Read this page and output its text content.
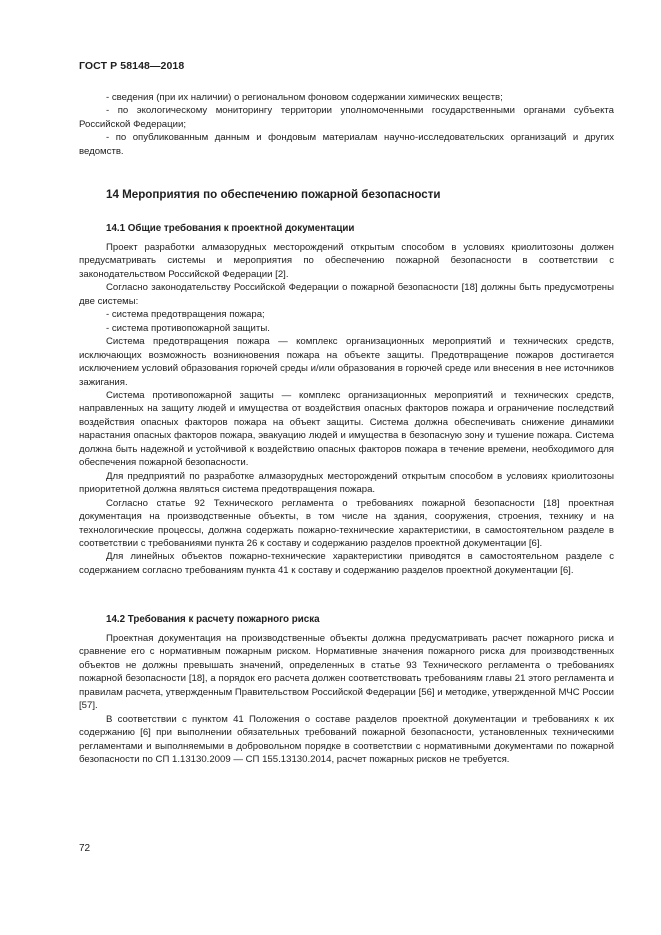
ГОСТ Р 58148—2018

- сведения (при их наличии) о региональном фоновом содержании химических веществ;

- по экологическому мониторингу территории уполномоченными государственными органами субъекта Российской Федерации;

- по опубликованным данным и фондовым материалам научно-исследовательских организаций и других ведомств.

14 Мероприятия по обеспечению пожарной безопасности
14.1 Общие требования к проектной документации

Проект разработки алмазорудных месторождений открытым способом в условиях криолитозоны должен предусматривать системы и мероприятия по обеспечению пожарной безопасности в соответствии с законодательством Российской Федерации [2].

Согласно законодательству Российской Федерации о пожарной безопасности [18] должны быть предусмотрены две системы:

- система предотвращения пожара;

- система противопожарной защиты.

Система предотвращения пожара — комплекс организационных мероприятий и технических средств, исключающих возможность возникновения пожара на объекте защиты. Предотвращение пожаров достигается исключением условий образования горючей среды и/или образования в горючей среде или внесения в нее источников зажигания.

Система противопожарной защиты — комплекс организационных мероприятий и технических средств, направленных на защиту людей и имущества от воздействия опасных факторов пожара и ограничение последствий воздействия опасных факторов пожара на объект защиты. Система должна обеспечивать снижение динамики нарастания опасных факторов пожара, эвакуацию людей и имущества в безопасную зону и тушение пожара. Система должна быть надежной и устойчивой к воздействию опасных факторов пожара в течение времени, необходимого для обеспечения пожарной безопасности.

Для предприятий по разработке алмазорудных месторождений открытым способом в условиях криолитозоны приоритетной должна являться система предотвращения пожара.

Согласно статье 92 Технического регламента о требованиях пожарной безопасности [18] проектная документация на производственные объекты, в том числе на здания, сооружения, строения, технику и на технологические процессы, должна содержать пожарно-технические характеристики, в самостоятельном разделе в соответствии с требованиями пункта 26 к составу и содержанию разделов проектной документации [6].

Для линейных объектов пожарно-технические характеристики приводятся в самостоятельном разделе с содержанием согласно требованиям пункта 41 к составу и содержанию разделов проектной документации [6].

14.2 Требования к расчету пожарного риска

Проектная документация на производственные объекты должна предусматривать расчет пожарного риска и сравнение его с нормативным пожарным риском. Нормативные значения пожарного риска для производственных объектов не должны превышать значений, определенных в статье 93 Технического регламента о требованиях пожарной безопасности [18], а порядок его расчета должен соответствовать требованиям главы 21 этого регламента и правилам расчета, утвержденным Правительством Российской Федерации [56] и методике, утвержденной МЧС России [57].

В соответствии с пунктом 41 Положения о составе разделов проектной документации и требованиях к их содержанию [6] при выполнении обязательных требований пожарной безопасности, установленных техническими регламентами и выполняемыми в добровольном порядке в соответствии с нормативными документами по пожарной безопасности по СП 1.13130.2009 — СП 155.13130.2014, расчет пожарных рисков не требуется.

72
